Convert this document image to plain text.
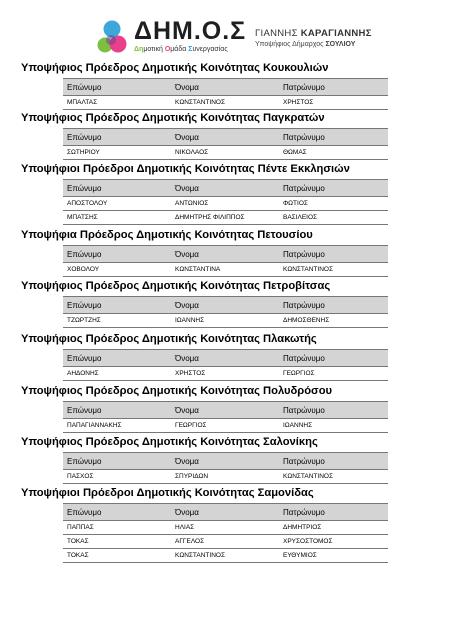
ΔΗΜ.Ο.Σ
Δημοτική Ομάδα Συνεργασίας
ΓΙΑΝΝΗΣ ΚΑΡΑΓΙΑΝΝΗΣ
Υποψήφιος Δήμαρχος ΣΟΥΛΙΟΥ
Υποψήφιος Πρόεδρος Δημοτικής Κοινότητας Κουκουλιών
Επώνυμο	Όνομα	Πατρώνυμο
ΜΠΑΛΤΑΣ	ΚΩΝΣΤΑΝΤΙΝΟΣ	ΧΡΗΣΤΟΣ
Υποψήφιος Πρόεδρος Δημοτικής Κοινότητας Παγκρατών
Επώνυμο	Όνομα	Πατρώνυμο
ΣΩΤΗΡΙΟΥ	ΝΙΚΟΛΑΟΣ	ΘΩΜΑΣ
Υποψήφιοι Πρόεδροι Δημοτικής Κοινότητας Πέντε Εκκλησιών
Επώνυμο	Όνομα	Πατρώνυμο
ΑΠΟΣΤΟΛΟΥ	ΑΝΤΩΝΙΟΣ	ΦΩΤΙΟΣ
ΜΠΑΤΣΗΣ	ΔΗΜΗΤΡΗΣ ΦΙΛΙΠΠΟΣ	ΒΑΣΙΛΕΙΟΣ
Υποψήφια Πρόεδρος Δημοτικής Κοινότητας Πετουσίου
Επώνυμο	Όνομα	Πατρώνυμο
ΧΟΒΟΛΟΥ	ΚΩΝΣΤΑΝΤΙΝΑ	ΚΩΝΣΤΑΝΤΙΝΟΣ
Υποψήφιος Πρόεδρος Δημοτικής Κοινότητας Πετροβίτσας
Επώνυμο	Όνομα	Πατρώνυμο
ΤΖΩΡΤΖΗΣ	ΙΩΑΝΝΗΣ	ΔΗΜΟΣΘΕΝΗΣ
Υποψήφιος Πρόεδρος Δημοτικής Κοινότητας Πλακωτής
Επώνυμο	Όνομα	Πατρώνυμο
ΑΗΔΟΝΗΣ	ΧΡΗΣΤΟΣ	ΓΕΩΡΓΙΟΣ
Υποψήφιος Πρόεδρος Δημοτικής Κοινότητας Πολυδρόσου
Επώνυμο	Όνομα	Πατρώνυμο
ΠΑΠΑΓΙΑΝΝΑΚΗΣ	ΓΕΩΡΓΙΟΣ	ΙΩΑΝΝΗΣ
Υποψήφιος Πρόεδρος Δημοτικής Κοινότητας Σαλονίκης
Επώνυμο	Όνομα	Πατρώνυμο
ΠΑΣΧΟΣ	ΣΠΥΡΙΔΩΝ	ΚΩΝΣΤΑΝΤΙΝΟΣ
Υποψήφιοι Πρόεδροι Δημοτικής Κοινότητας Σαμονίδας
Επώνυμο	Όνομα	Πατρώνυμο
ΠΑΠΠΑΣ	ΗΛΙΑΣ	ΔΗΜΗΤΡΙΟΣ
ΤΟΚΑΣ	ΑΓΓΕΛΟΣ	ΧΡΥΣΟΣΤΟΜΟΣ
ΤΟΚΑΣ	ΚΩΝΣΤΑΝΤΙΝΟΣ	ΕΥΘΥΜΙΟΣ
